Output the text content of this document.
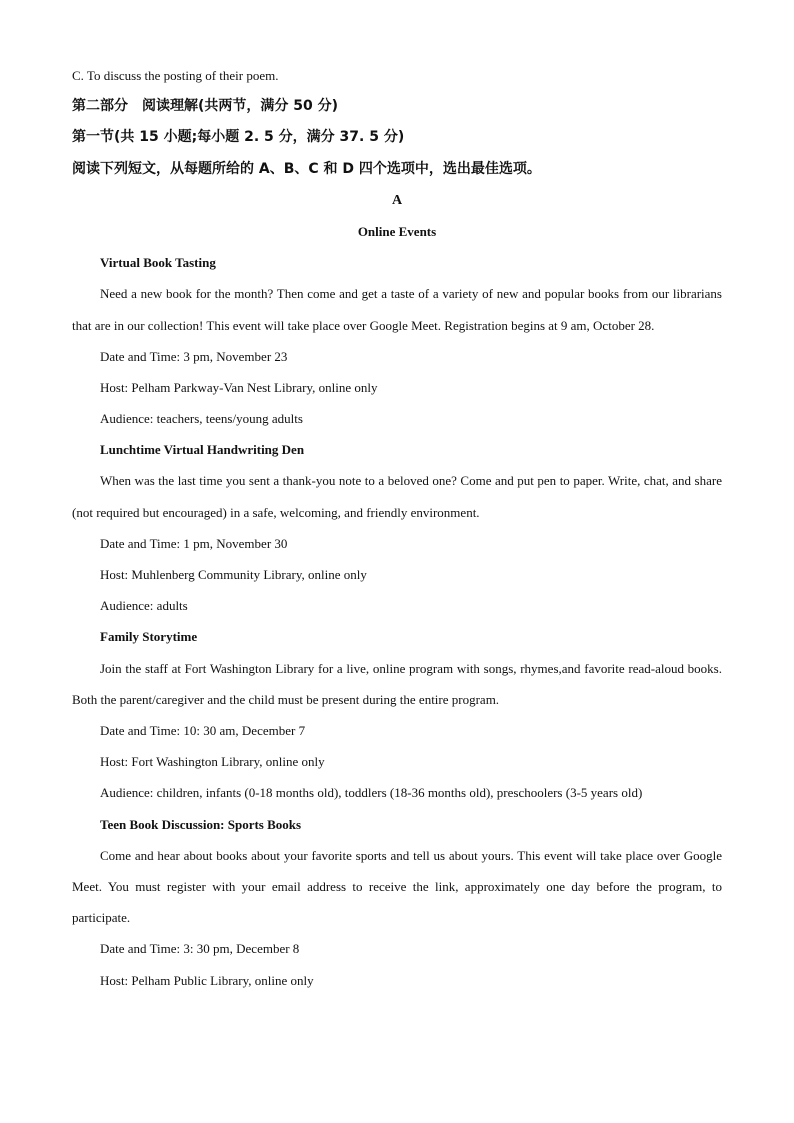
C. To discuss the posting of their poem.
第二部分　阅读理解(共两节，满分 50 分)
第一节(共 15 小题;每小题 2. 5 分，满分 37. 5 分)
阅读下列短文，从每题所给的 A、B、C 和 D 四个选项中，选出最佳选项。
A
Online Events
Virtual Book Tasting

Need a new book for the month? Then come and get a taste of a variety of new and popular books from our librarians that are in our collection! This event will take place over Google Meet. Registration begins at 9 am, October 28.

Date and Time: 3 pm, November 23
Host: Pelham Parkway-Van Nest Library, online only
Audience: teachers, teens/young adults
Lunchtime Virtual Handwriting Den

When was the last time you sent a thank-you note to a beloved one? Come and put pen to paper. Write, chat, and share (not required but encouraged) in a safe, welcoming, and friendly environment.

Date and Time: 1 pm, November 30
Host: Muhlenberg Community Library, online only
Audience: adults
Family Storytime

Join the staff at Fort Washington Library for a live, online program with songs, rhymes,and favorite read-aloud books. Both the parent/caregiver and the child must be present during the entire program.

Date and Time: 10: 30 am, December 7
Host: Fort Washington Library, online only
Audience: children, infants (0-18 months old), toddlers (18-36 months old), preschoolers (3-5 years old)
Teen Book Discussion: Sports Books

Come and hear about books about your favorite sports and tell us about yours. This event will take place over Google Meet. You must register with your email address to receive the link, approximately one day before the program, to participate.

Date and Time: 3: 30 pm, December 8
Host: Pelham Public Library, online only
